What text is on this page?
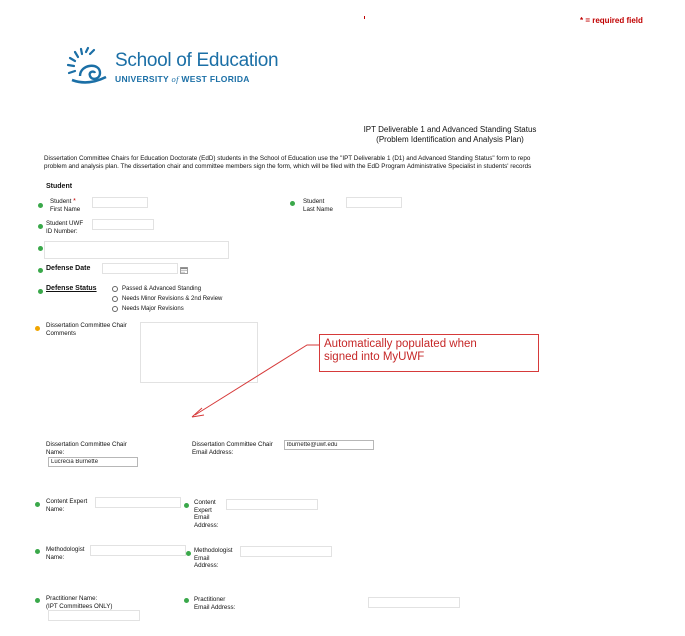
* = required field
School of Education
UNIVERSITY of WEST FLORIDA
IPT Deliverable 1 and Advanced Standing Status
(Problem Identification and Analysis Plan)
Dissertation Committee Chairs for Education Doctorate (EdD) students in the School of Education use the "IPT Deliverable 1 (D1) and Advanced Standing Status" form to repo
problem and analysis plan. The dissertation chair and committee members sign the form, which will be filed with the EdD Program Administrative Specialist in students' records
Student
Student *
First Name
Student
Last Name
Student UWF
ID Number:
Defense Date
Defense Status	Passed & Advanced Standing
Needs Minor Revisions & 2nd Review
Needs Major Revisions
Dissertation Committee Chair
Comments
Automatically populated when
signed into MyUWF
Dissertation Committee Chair
Name:
Lucrecia Burnette
Dissertation Committee Chair
Email Address:
lburnette@uwf.edu
Content Expert
Name:
Content
Expert
Email
Address:
Methodologist
Name:
Methodologist
Email
Address:
Practitioner Name:
(IPT Committees ONLY)
Practitioner
Email Address:
